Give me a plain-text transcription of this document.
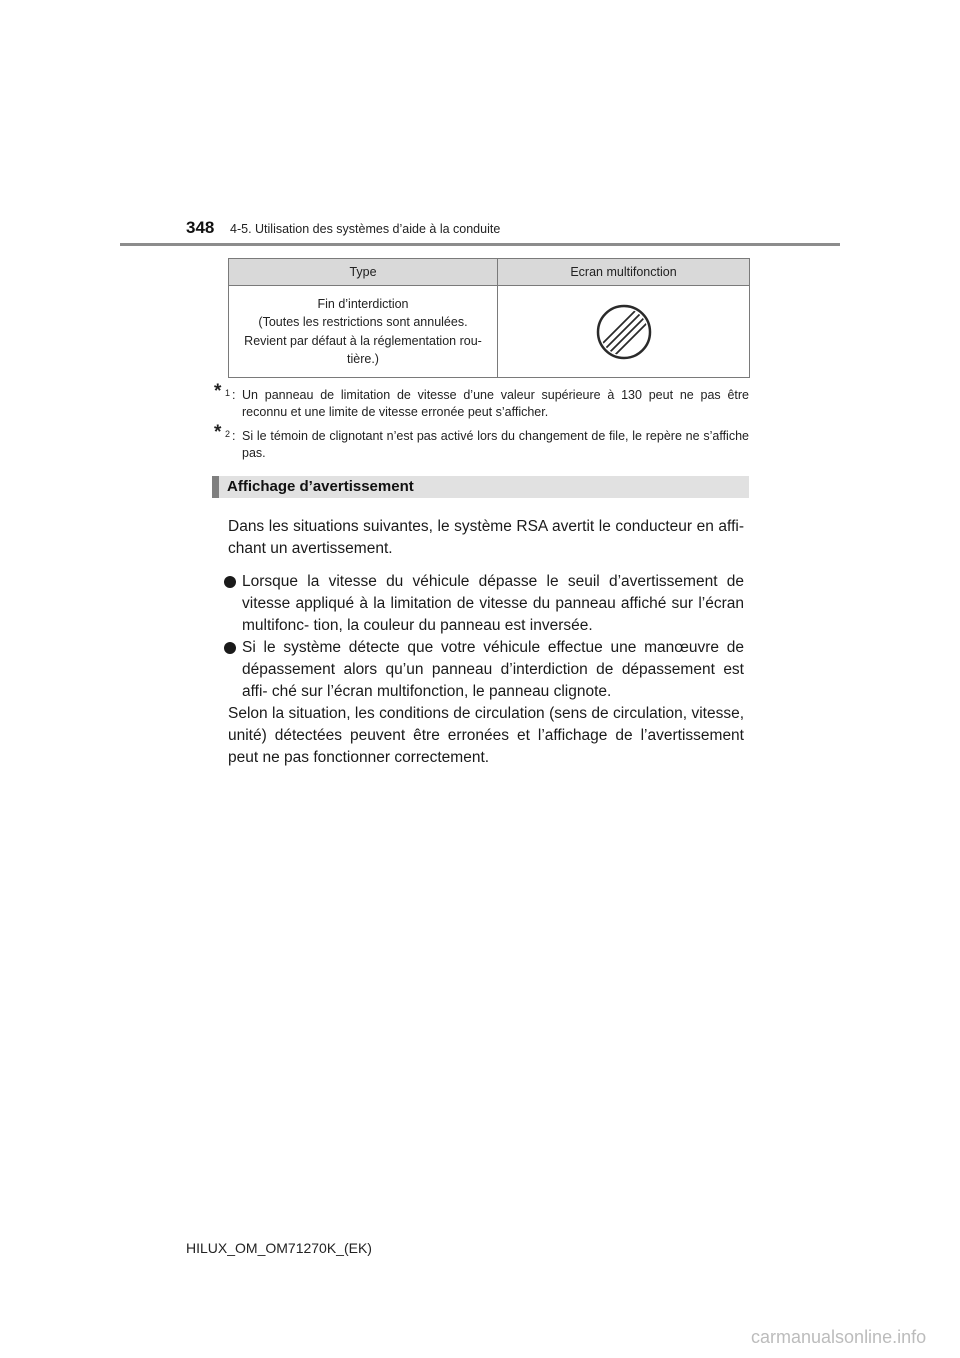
348 4-5. Utilisation des systèmes d’aide à la conduite
Type	Ecran multifonction

Fin d’interdiction
(Toutes les restrictions sont annulées.
Revient par défaut à la réglementation rou-
tière.)

* 1 : Un panneau de limitation de vitesse d’une valeur supérieure à 130 peut ne pas être reconnu et une limite de vitesse erronée peut s’afficher.
* 2 : Si le témoin de clignotant n’est pas activé lors du changement de file, le repère ne s’affiche pas.
Affichage d’avertissement
Dans les situations suivantes, le système RSA avertit le conducteur en affi- chant un avertissement.
Lorsque la vitesse du véhicule dépasse le seuil d’avertissement de vitesse appliqué à la limitation de vitesse du panneau affiché sur l’écran multifonc- tion, la couleur du panneau est inversée.
Si le système détecte que votre véhicule effectue une manœuvre de dépassement alors qu’un panneau d’interdiction de dépassement est affi- ché sur l’écran multifonction, le panneau clignote.
Selon la situation, les conditions de circulation (sens de circulation, vitesse, unité) détectées peuvent être erronées et l’affichage de l’avertissement peut ne pas fonctionner correctement.
HILUX_OM_OM71270K_(EK)
carmanualsonline.info
